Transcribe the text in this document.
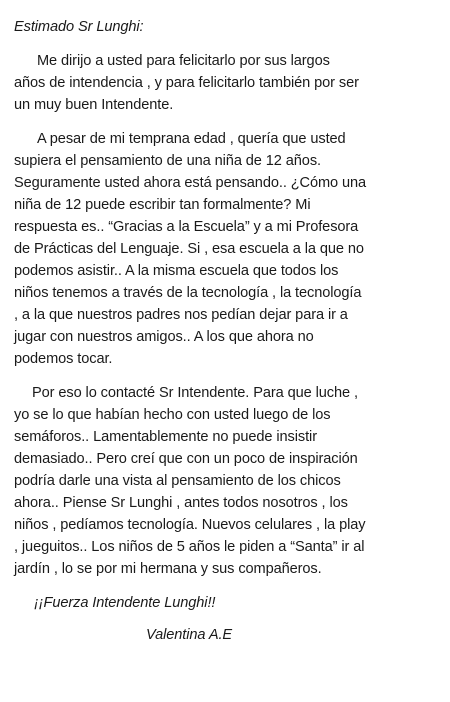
Estimado Sr Lunghi:
Me dirijo a usted para felicitarlo por sus largos
años de intendencia , y para felicitarlo también por ser
un muy buen Intendente.
A pesar de mi temprana edad , quería que usted
supiera el pensamiento de una niña de 12 años.
Seguramente usted ahora está pensando.. ¿Cómo una
niña de 12 puede escribir tan formalmente? Mi
respuesta es.. “Gracias a la Escuela” y a mi Profesora
de Prácticas del Lenguaje. Si , esa escuela a la que no
podemos asistir.. A la misma escuela que todos los
niños tenemos a través de la tecnología , la tecnología
, a la que nuestros padres nos pedían dejar para ir a
jugar con nuestros amigos.. A los que ahora no
podemos tocar.
Por eso lo contacté Sr Intendente. Para que luche ,
yo se lo que habían hecho con usted luego de los
semáforos.. Lamentablemente no puede insistir
demasiado.. Pero creí que con un poco de inspiración
podría darle una vista al pensamiento de los chicos
ahora.. Piense Sr Lunghi , antes todos nosotros , los
niños , pedíamos tecnología. Nuevos celulares , la play
, jueguitos.. Los niños de 5 años le piden a “Santa” ir al
jardín , lo se por mi hermana y sus compañeros.
¡¡Fuerza Intendente Lunghi!!
Valentina A.E
